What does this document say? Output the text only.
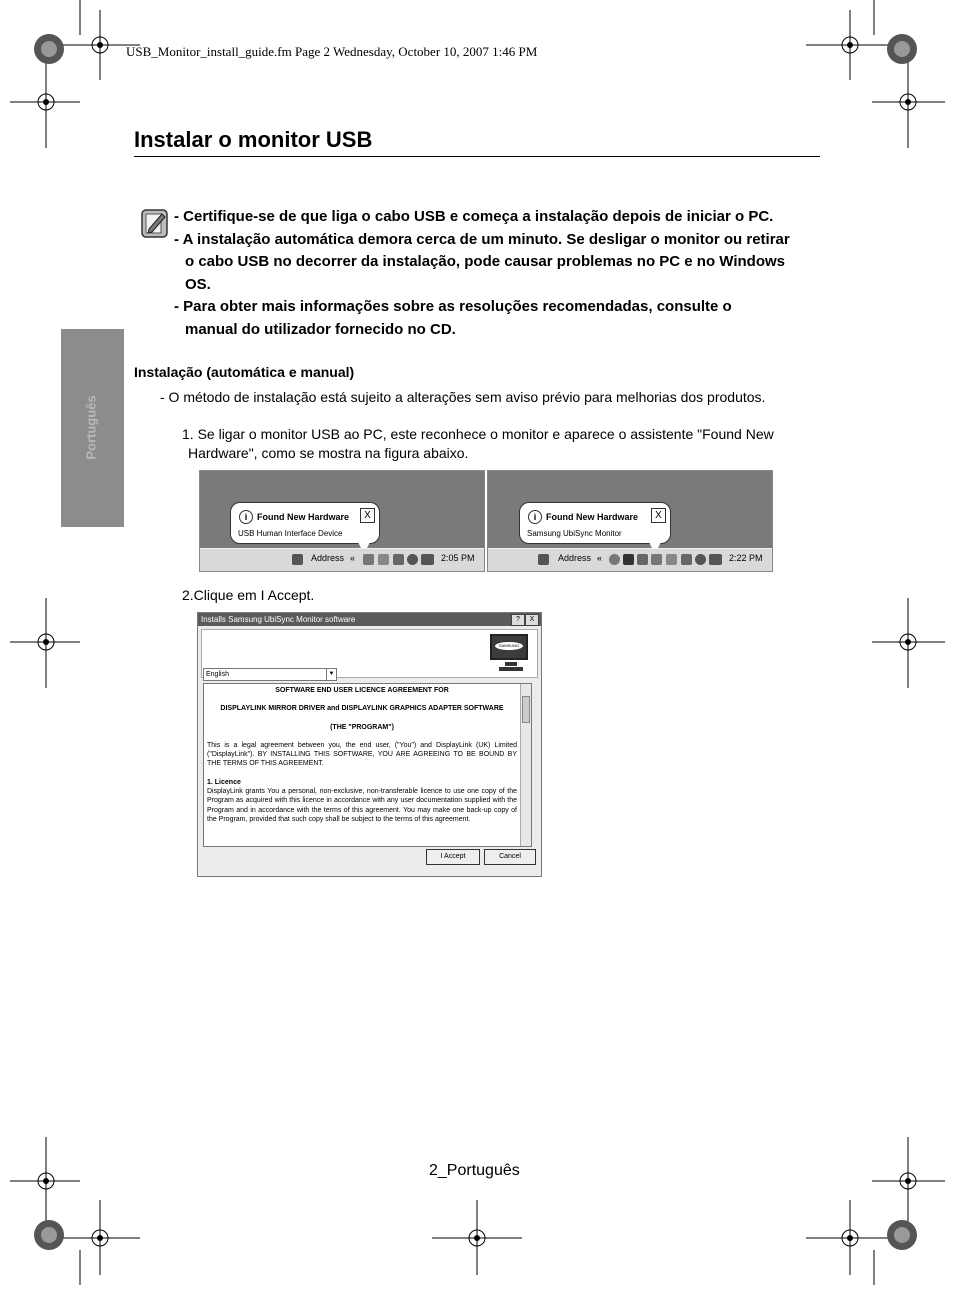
USB_Monitor_install_guide.fm Page 2 Wednesday, October 10, 2007 1:46 PM
Português
Instalar o monitor USB

- Certifique-se de que liga o cabo USB e começa a instalação depois de iniciar o PC.

- A instalação automática demora cerca de um minuto. Se desligar o monitor ou retirar

o cabo USB no decorrer da instalação, pode causar problemas no PC e no Windows

OS.

- Para obter mais informações sobre as resoluções recomendadas, consulte o

manual do utilizador fornecido no CD.

Instalação (automática e manual)
- O método de instalação está sujeito a alterações sem aviso prévio para melhorias dos produtos.
1. Se ligar o monitor USB ao PC, este reconhece o monitor e aparece o assistente "Found New
Hardware", como se mostra na figura abaixo.
i	Found New Hardware
USB Human Interface Device
X
Address «	2:05 PM
i	Found New Hardware
Samsung UbiSync Monitor
X
Address «	2:22 PM
2.Clique em I Accept.
Installs Samsung UbiSync Monitor software	?	X
SAMSUNG
English	▼

SOFTWARE END USER LICENCE AGREEMENT FOR

DISPLAYLINK MIRROR DRIVER and DISPLAYLINK GRAPHICS ADAPTER SOFTWARE

(THE "PROGRAM")

This is a legal agreement between you, the end user, ("You") and DisplayLink (UK) Limited ("DisplayLink"). BY INSTALLING THIS SOFTWARE, YOU ARE AGREEING TO BE BOUND BY THE TERMS OF THIS AGREEMENT.

1. Licence

DisplayLink grants You a personal, non-exclusive, non-transferable licence to use one copy of the Program as acquired with this licence in accordance with any user documentation supplied with the Program and in accordance with the terms of this agreement. You may make one back-up copy of the Program, provided that such copy shall be subject to the terms of this agreement.

I Accept	Cancel
2_Português
